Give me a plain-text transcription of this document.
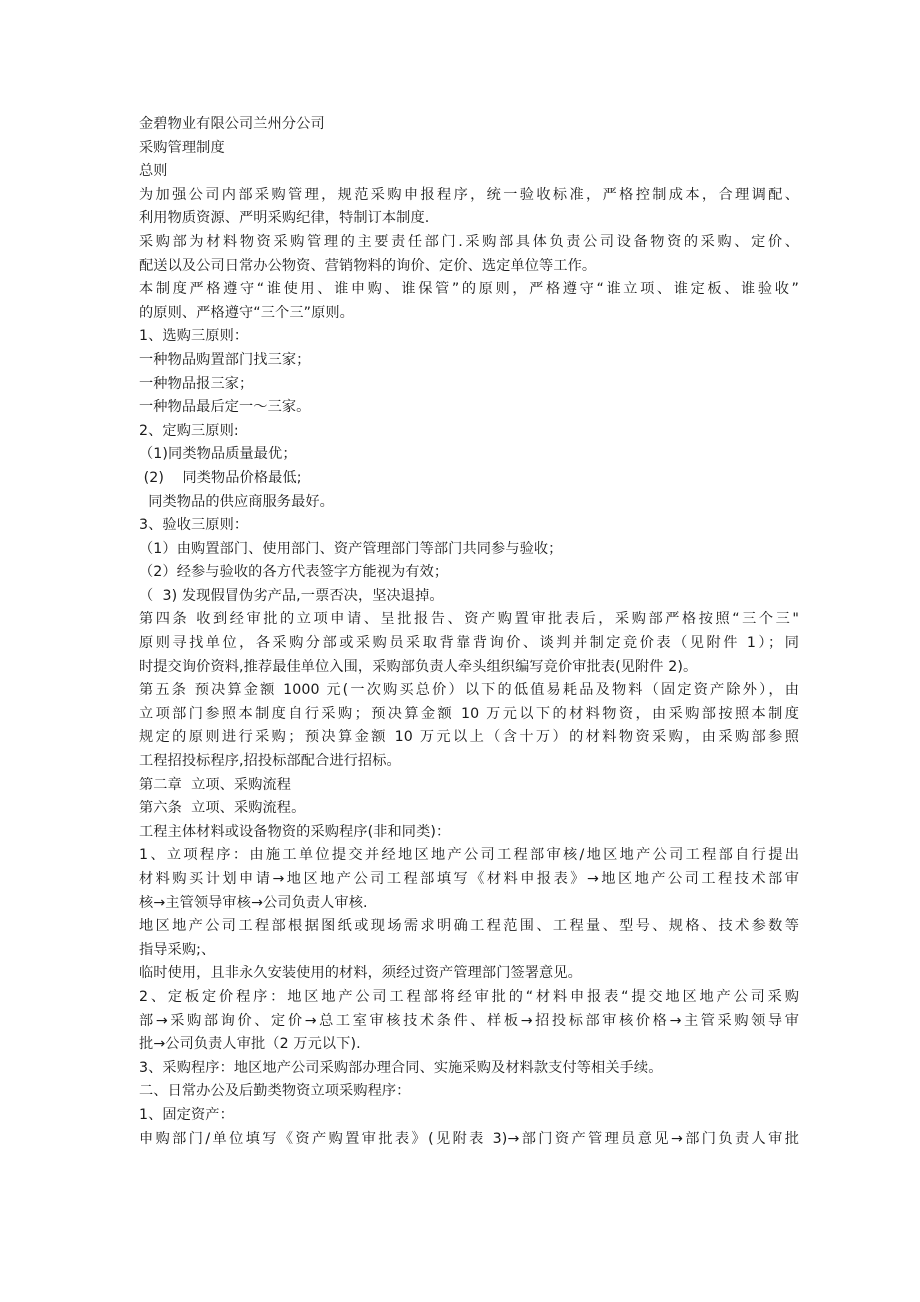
金碧物业有限公司兰州分公司
采购管理制度
总则
为加强公司内部采购管理，规范采购申报程序，统一验收标准，严格控制成本，合理调配、
利用物质资源、严明采购纪律，特制订本制度.
采购部为材料物资采购管理的主要责任部门.采购部具体负责公司设备物资的采购、定价、
配送以及公司日常办公物资、营销物料的询价、定价、选定单位等工作。
本制度严格遵守“谁使用、谁申购、谁保管”的原则，严格遵守“谁立项、谁定板、谁验收”
的原则、严格遵守“三个三”原则。
1、选购三原则：
一种物品购置部门找三家；
一种物品报三家；
一种物品最后定一～三家。
2、定购三原则:
（1)同类物品质量最优；
(2)    同类物品价格最低;
同类物品的供应商服务最好。
3、验收三原则：
（1）由购置部门、使用部门、资产管理部门等部门共同参与验收；
（2）经参与验收的各方代表签字方能视为有效；
（  3) 发现假冒伪劣产品,一票否决，坚决退掉。
第四条 收到经审批的立项申请、呈批报告、资产购置审批表后，采购部严格按照“三个三"
原则寻找单位，各采购分部或采购员采取背靠背询价、谈判并制定竞价表（见附件 1）；同
时提交询价资料,推荐最佳单位入围，采购部负责人牵头组织编写竞价审批表(见附件 2)。
第五条 预决算金额 1000 元(一次购买总价）以下的低值易耗品及物料（固定资产除外），由
立项部门参照本制度自行采购；预决算金额 10 万元以下的材料物资，由采购部按照本制度
规定的原则进行采购；预决算金额 10 万元以上（含十万）的材料物资采购，由采购部参照
工程招投标程序,招投标部配合进行招标。
第二章  立项、采购流程
第六条  立项、采购流程。
工程主体材料或设备物资的采购程序(非和同类)：
1、立项程序：由施工单位提交并经地区地产公司工程部审核/地区地产公司工程部自行提出
材料购买计划申请→地区地产公司工程部填写《材料申报表》→地区地产公司工程技术部审
核→主管领导审核→公司负责人审核.
地区地产公司工程部根据图纸或现场需求明确工程范围、工程量、型号、规格、技术参数等
指导采购;、
临时使用，且非永久安装使用的材料，须经过资产管理部门签署意见。
2、定板定价程序：地区地产公司工程部将经审批的“材料申报表“提交地区地产公司采购
部→采购部询价、定价→总工室审核技术条件、样板→招投标部审核价格→主管采购领导审
批→公司负责人审批（2 万元以下).
3、采购程序：地区地产公司采购部办理合同、实施采购及材料款支付等相关手续。
二、日常办公及后勤类物资立项采购程序：
1、固定资产：
申购部门/单位填写《资产购置审批表》(见附表 3)→部门资产管理员意见→部门负责人审批
